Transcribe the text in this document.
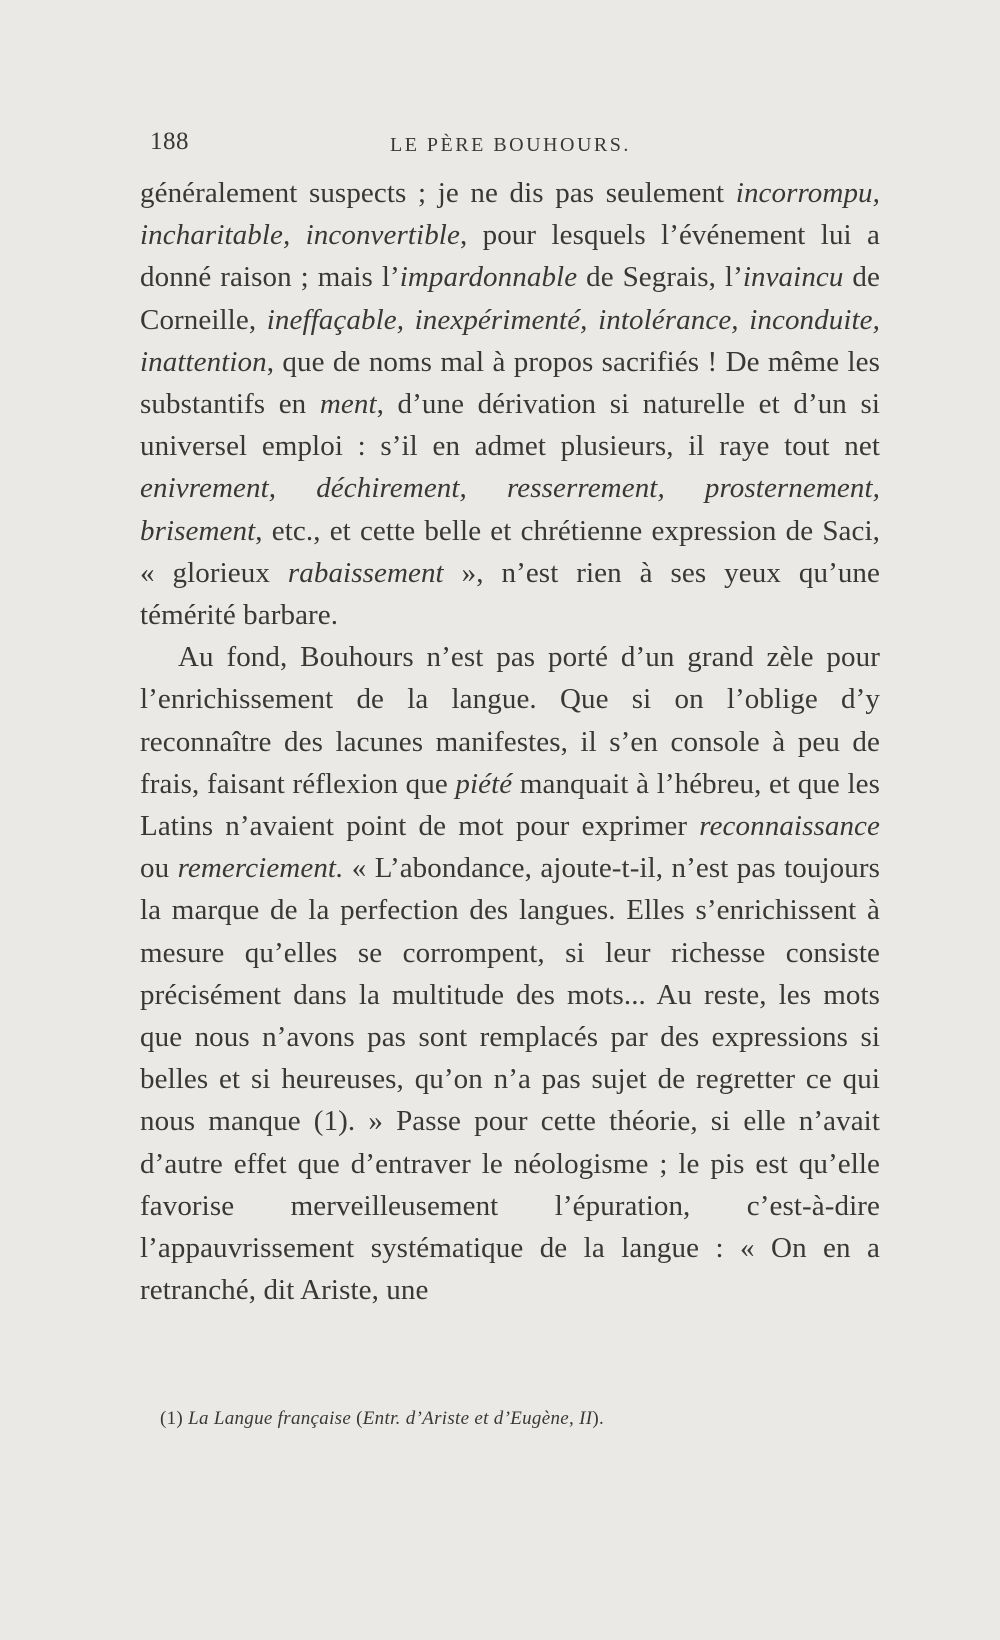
188	LE PÈRE BOUHOURS.

généralement suspects ; je ne dis pas seulement incorrompu, incharitable, inconvertible, pour lesquels l’événement lui a donné raison ; mais l’impardonnable de Segrais, l’invaincu de Corneille, ineffaçable, inexpérimenté, intolérance, inconduite, inattention, que de noms mal à propos sacrifiés ! De même les substantifs en ment, d’une dérivation si naturelle et d’un si universel emploi : s’il en admet plusieurs, il raye tout net enivrement, déchirement, resserrement, prosternement, brisement, etc., et cette belle et chrétienne expression de Saci, « glorieux rabaissement », n’est rien à ses yeux qu’une témérité barbare.

Au fond, Bouhours n’est pas porté d’un grand zèle pour l’enrichissement de la langue. Que si on l’oblige d’y reconnaître des lacunes manifestes, il s’en console à peu de frais, faisant réflexion que piété manquait à l’hébreu, et que les Latins n’avaient point de mot pour exprimer reconnaissance ou remerciement. « L’abondance, ajoute-t-il, n’est pas toujours la marque de la perfection des langues. Elles s’enrichissent à mesure qu’elles se corrompent, si leur richesse consiste précisément dans la multitude des mots... Au reste, les mots que nous n’avons pas sont remplacés par des expressions si belles et si heureuses, qu’on n’a pas sujet de regretter ce qui nous manque (1). » Passe pour cette théorie, si elle n’avait d’autre effet que d’entraver le néologisme ; le pis est qu’elle favorise merveilleusement l’épuration, c’est-à-dire l’appauvrissement systématique de la langue : « On en a retranché, dit Ariste, une

(1) La Langue française (Entr. d’Ariste et d’Eugène, II).
